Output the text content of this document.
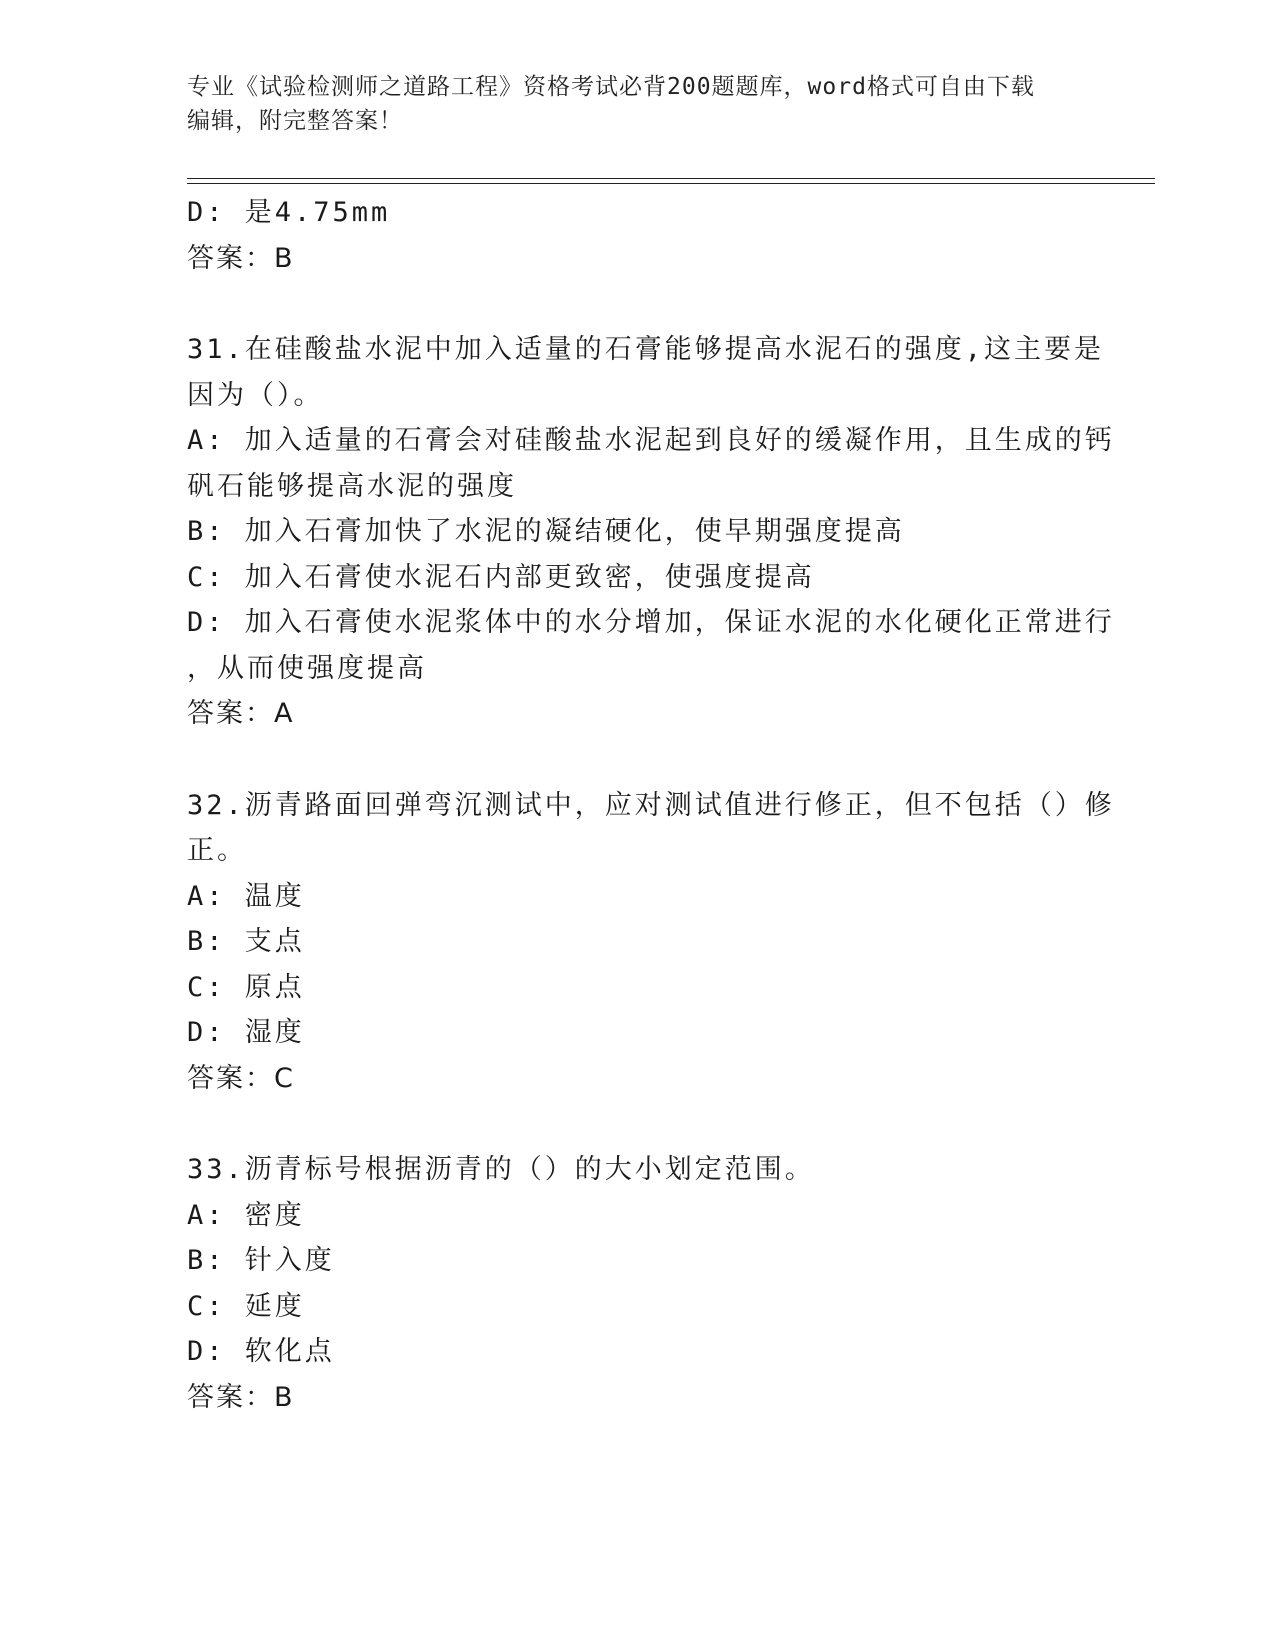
专业《试验检测师之道路工程》资格考试必背200题题库，word格式可自由下载
编辑，附完整答案！
D: 是4.75mm
答案：B
31.在硅酸盐水泥中加入适量的石膏能够提高水泥石的强度,这主要是
因为（）。
A: 加入适量的石膏会对硅酸盐水泥起到良好的缓凝作用，且生成的钙
矾石能够提高水泥的强度
B: 加入石膏加快了水泥的凝结硬化，使早期强度提高
C: 加入石膏使水泥石内部更致密，使强度提高
D: 加入石膏使水泥浆体中的水分增加，保证水泥的水化硬化正常进行
，从而使强度提高
答案：A
32.沥青路面回弹弯沉测试中，应对测试值进行修正，但不包括（）修
正。
A: 温度
B: 支点
C: 原点
D: 湿度
答案：C
33.沥青标号根据沥青的（）的大小划定范围。
A: 密度
B: 针入度
C: 延度
D: 软化点
答案：B
